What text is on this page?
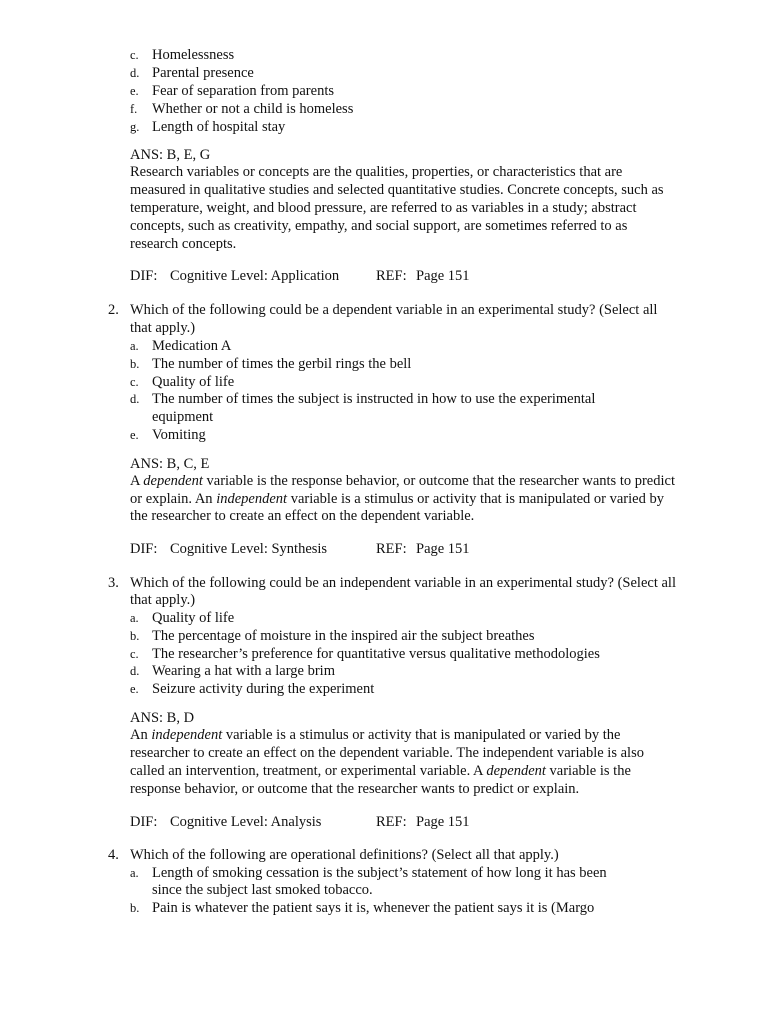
c. Homelessness
d. Parental presence
e. Fear of separation from parents
f. Whether or not a child is homeless
g. Length of hospital stay
ANS: B, E, G
Research variables or concepts are the qualities, properties, or characteristics that are
measured in qualitative studies and selected quantitative studies. Concrete concepts, such as
temperature, weight, and blood pressure, are referred to as variables in a study; abstract
concepts, such as creativity, empathy, and social support, are sometimes referred to as
research concepts.
DIF: Cognitive Level: Application	REF: Page 151
2. Which of the following could be a dependent variable in an experimental study? (Select all
that apply.)
a. Medication A
b. The number of times the gerbil rings the bell
c. Quality of life
d. The number of times the subject is instructed in how to use the experimental
equipment
e. Vomiting
ANS: B, C, E
A dependent variable is the response behavior, or outcome that the researcher wants to predict
or explain. An independent variable is a stimulus or activity that is manipulated or varied by
the researcher to create an effect on the dependent variable.
DIF: Cognitive Level: Synthesis	REF: Page 151
3. Which of the following could be an independent variable in an experimental study? (Select all
that apply.)
a. Quality of life
b. The percentage of moisture in the inspired air the subject breathes
c. The researcher’s preference for quantitative versus qualitative methodologies
d. Wearing a hat with a large brim
e. Seizure activity during the experiment
ANS: B, D
An independent variable is a stimulus or activity that is manipulated or varied by the
researcher to create an effect on the dependent variable. The independent variable is also
called an intervention, treatment, or experimental variable. A dependent variable is the
response behavior, or outcome that the researcher wants to predict or explain.
DIF: Cognitive Level: Analysis	REF: Page 151
4. Which of the following are operational definitions? (Select all that apply.)
a. Length of smoking cessation is the subject’s statement of how long it has been
since the subject last smoked tobacco.
b. Pain is whatever the patient says it is, whenever the patient says it is (Margo
